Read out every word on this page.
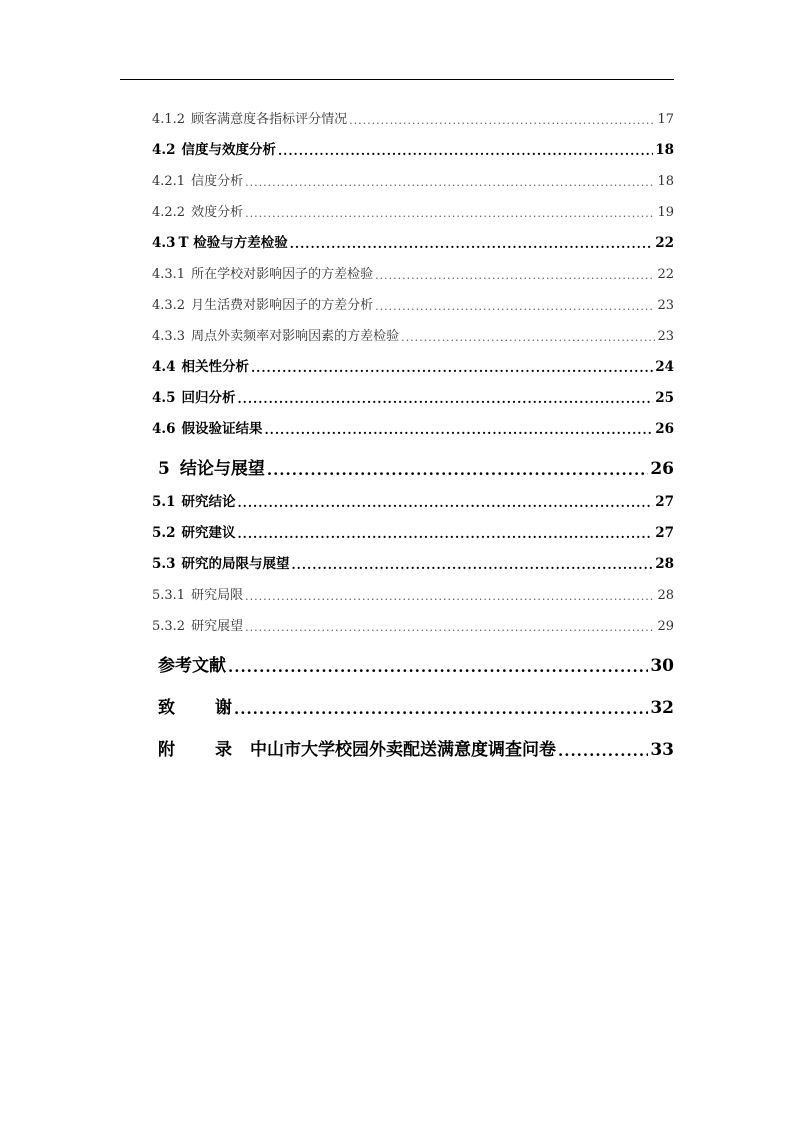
4.1.2 顾客满意度各指标评分情况 .....	17
4.2 信度与效度分析 .....	18
4.2.1 信度分析 .....	18
4.2.2 效度分析 .....	19
4.3 T 检验与方差检验 .....	22
4.3.1 所在学校对影响因子的方差检验 .....	22
4.3.2 月生活费对影响因子的方差分析 .....	23
4.3.3 周点外卖频率对影响因素的方差检验 .....	23
4.4 相关性分析 .....	24
4.5 回归分析 .....	25
4.6 假设验证结果 .....	26
5 结论与展望 .....	26
5.1 研究结论 .....	27
5.2 研究建议 .....	27
5.3 研究的局限与展望 .....	28
5.3.1 研究局限 .....	28
5.3.2 研究展望 .....	29
参考文献 .....	30
致 谢 .....	32
附 录 中山市大学校园外卖配送满意度调查问卷 .....	33
